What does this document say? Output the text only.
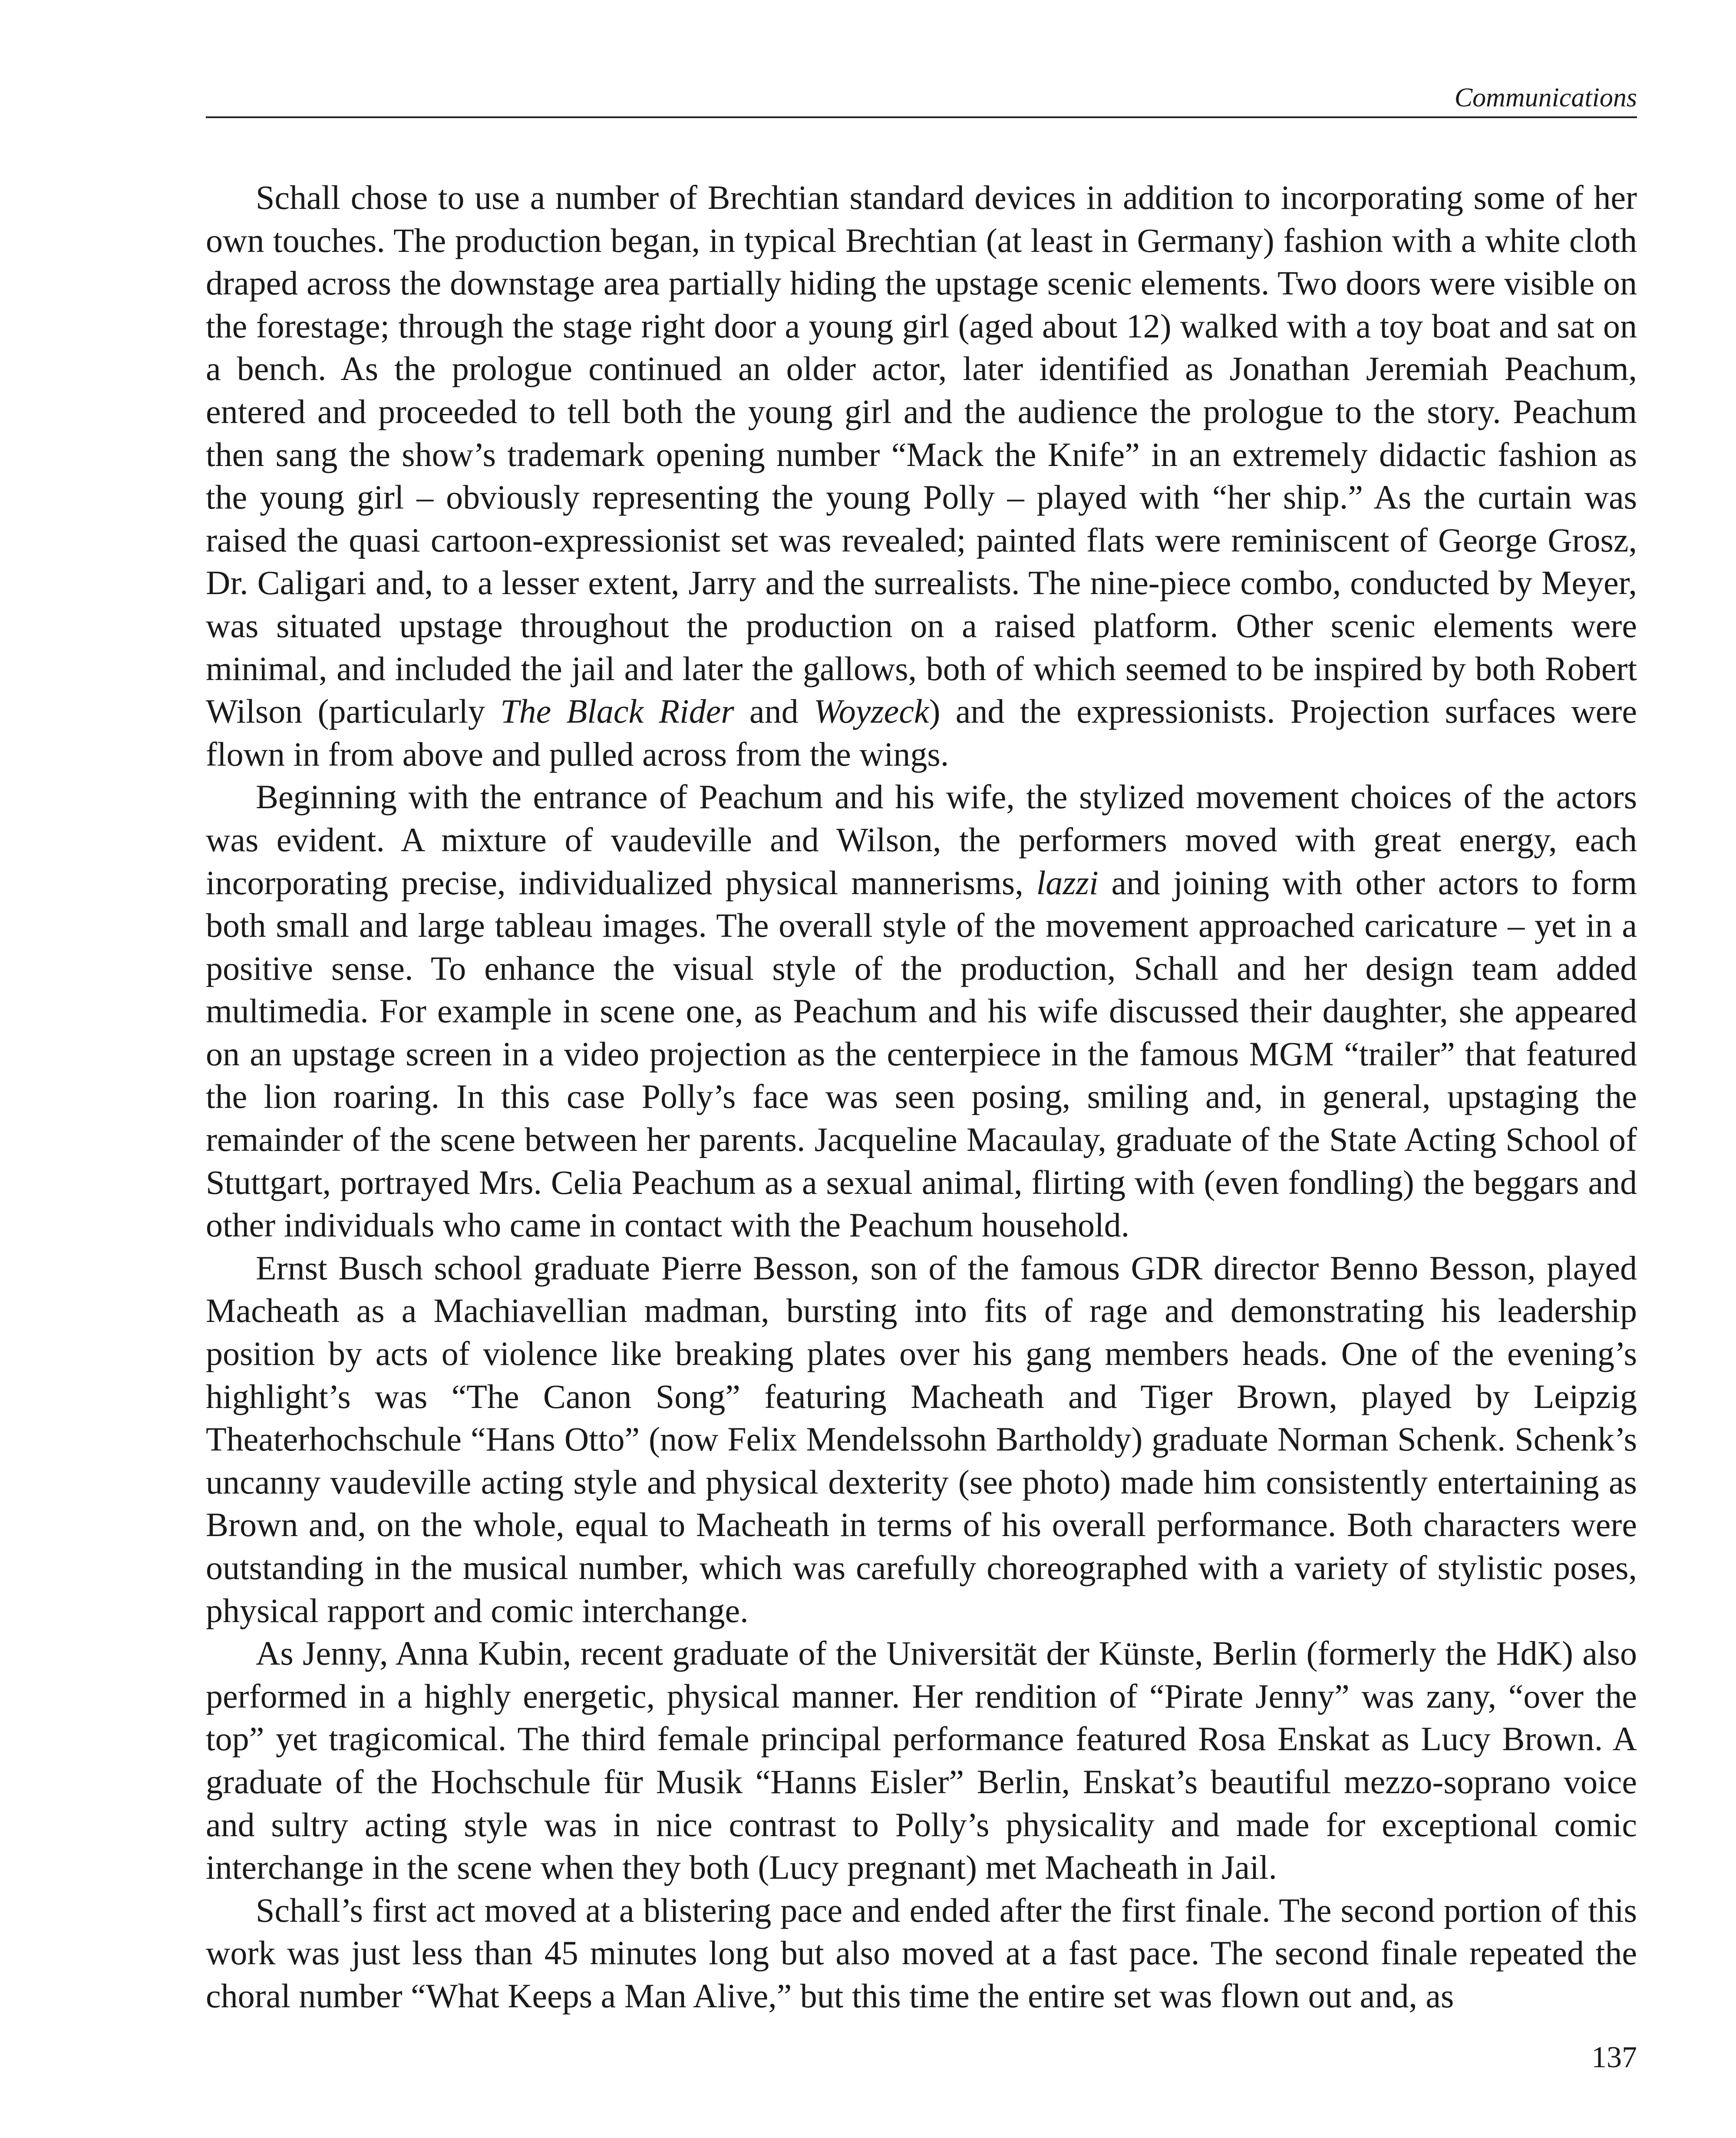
Communications

Schall chose to use a number of Brechtian standard devices in addition to incorporating some of her own touches. The production began, in typical Brechtian (at least in Germany) fashion with a white cloth draped across the downstage area partially hiding the upstage scenic elements. Two doors were visible on the forestage; through the stage right door a young girl (aged about 12) walked with a toy boat and sat on a bench. As the prologue continued an older actor, later identified as Jonathan Jeremiah Peachum, entered and proceeded to tell both the young girl and the audience the prologue to the story. Peachum then sang the show’s trademark opening number “Mack the Knife” in an extremely didactic fashion as the young girl – obviously representing the young Polly – played with “her ship.” As the curtain was raised the quasi cartoon-expressionist set was revealed; painted flats were reminiscent of George Grosz, Dr. Caligari and, to a lesser extent, Jarry and the surrealists. The nine-piece combo, conducted by Meyer, was situated upstage throughout the production on a raised platform. Other scenic elements were minimal, and included the jail and later the gallows, both of which seemed to be inspired by both Robert Wilson (particularly The Black Rider and Woyzeck) and the expressionists. Projection surfaces were flown in from above and pulled across from the wings.

Beginning with the entrance of Peachum and his wife, the stylized movement choices of the actors was evident. A mixture of vaudeville and Wilson, the performers moved with great energy, each incorporating precise, individualized physical mannerisms, lazzi and joining with other actors to form both small and large tableau images. The overall style of the movement approached caricature – yet in a positive sense. To enhance the visual style of the production, Schall and her design team added multimedia. For example in scene one, as Peachum and his wife discussed their daughter, she appeared on an upstage screen in a video projection as the centerpiece in the famous MGM “trailer” that featured the lion roaring. In this case Polly’s face was seen posing, smiling and, in general, upstaging the remainder of the scene between her parents. Jacqueline Macaulay, graduate of the State Acting School of Stuttgart, portrayed Mrs. Celia Peachum as a sexual animal, flirting with (even fondling) the beggars and other individuals who came in contact with the Peachum household.

Ernst Busch school graduate Pierre Besson, son of the famous GDR director Benno Besson, played Macheath as a Machiavellian madman, bursting into fits of rage and demonstrating his leadership position by acts of violence like breaking plates over his gang members heads. One of the evening’s highlight’s was “The Canon Song” featuring Macheath and Tiger Brown, played by Leipzig Theaterhochschule “Hans Otto” (now Felix Mendelssohn Bartholdy) graduate Norman Schenk. Schenk’s uncanny vaudeville acting style and physical dexterity (see photo) made him consistently entertaining as Brown and, on the whole, equal to Macheath in terms of his overall performance. Both characters were outstanding in the musical number, which was carefully choreographed with a variety of stylistic poses, physical rapport and comic interchange.

As Jenny, Anna Kubin, recent graduate of the Universität der Künste, Berlin (formerly the HdK) also performed in a highly energetic, physical manner. Her rendition of “Pirate Jenny” was zany, “over the top” yet tragicomical. The third female principal performance featured Rosa Enskat as Lucy Brown. A graduate of the Hochschule für Musik “Hanns Eisler” Berlin, Enskat’s beautiful mezzo-soprano voice and sultry acting style was in nice contrast to Polly’s physicality and made for exceptional comic interchange in the scene when they both (Lucy pregnant) met Macheath in Jail.

Schall’s first act moved at a blistering pace and ended after the first finale. The second portion of this work was just less than 45 minutes long but also moved at a fast pace. The second finale repeated the choral number “What Keeps a Man Alive,” but this time the entire set was flown out and, as

137
